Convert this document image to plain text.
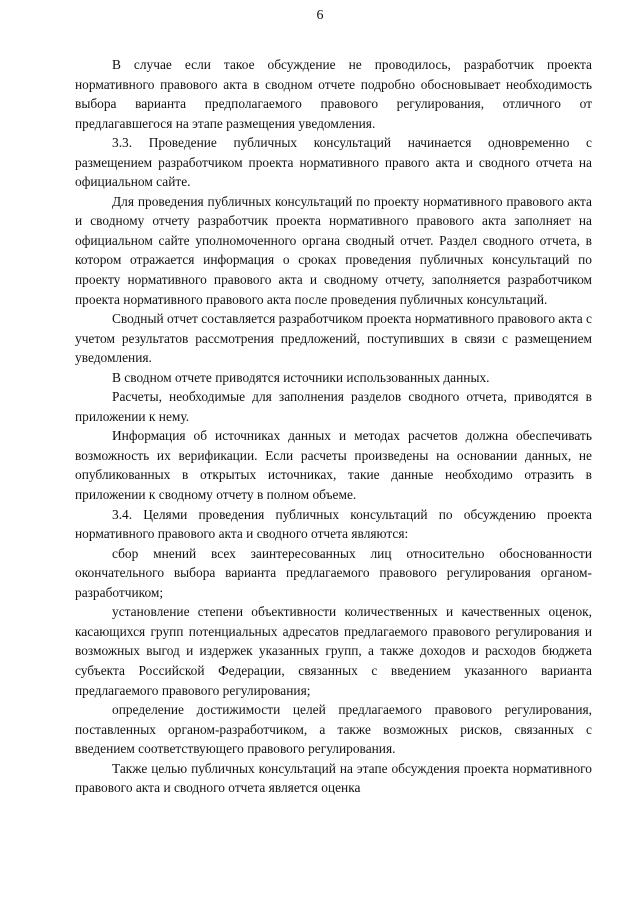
6

В случае если такое обсуждение не проводилось, разработчик проекта нормативного правового акта в сводном отчете подробно обосновывает необходимость выбора варианта предполагаемого правового регулирования, отличного от предлагавшегося на этапе размещения уведомления.

3.3. Проведение публичных консультаций начинается одновременно с размещением разработчиком проекта нормативного правого акта и сводного отчета на официальном сайте.

Для проведения публичных консультаций по проекту нормативного правового акта и сводному отчету разработчик проекта нормативного правового акта заполняет на официальном сайте уполномоченного органа сводный отчет. Раздел сводного отчета, в котором отражается информация о сроках проведения публичных консультаций по проекту нормативного правового акта и сводному отчету, заполняется разработчиком проекта нормативного правового акта после проведения публичных консультаций.

Сводный отчет составляется разработчиком проекта нормативного правового акта с учетом результатов рассмотрения предложений, поступивших в связи с размещением уведомления.

В сводном отчете приводятся источники использованных данных.

Расчеты, необходимые для заполнения разделов сводного отчета, приводятся в приложении к нему.

Информация об источниках данных и методах расчетов должна обеспечивать возможность их верификации. Если расчеты произведены на основании данных, не опубликованных в открытых источниках, такие данные необходимо отразить в приложении к сводному отчету в полном объеме.

3.4. Целями проведения публичных консультаций по обсуждению проекта нормативного правового акта и сводного отчета являются:

сбор мнений всех заинтересованных лиц относительно обоснованности окончательного выбора варианта предлагаемого правового регулирования органом-разработчиком;

установление степени объективности количественных и качественных оценок, касающихся групп потенциальных адресатов предлагаемого правового регулирования и возможных выгод и издержек указанных групп, а также доходов и расходов бюджета субъекта Российской Федерации, связанных с введением указанного варианта предлагаемого правового регулирования;

определение достижимости целей предлагаемого правового регулирования, поставленных органом-разработчиком, а также возможных рисков, связанных с введением соответствующего правового регулирования.

Также целью публичных консультаций на этапе обсуждения проекта нормативного правового акта и сводного отчета является оценка
